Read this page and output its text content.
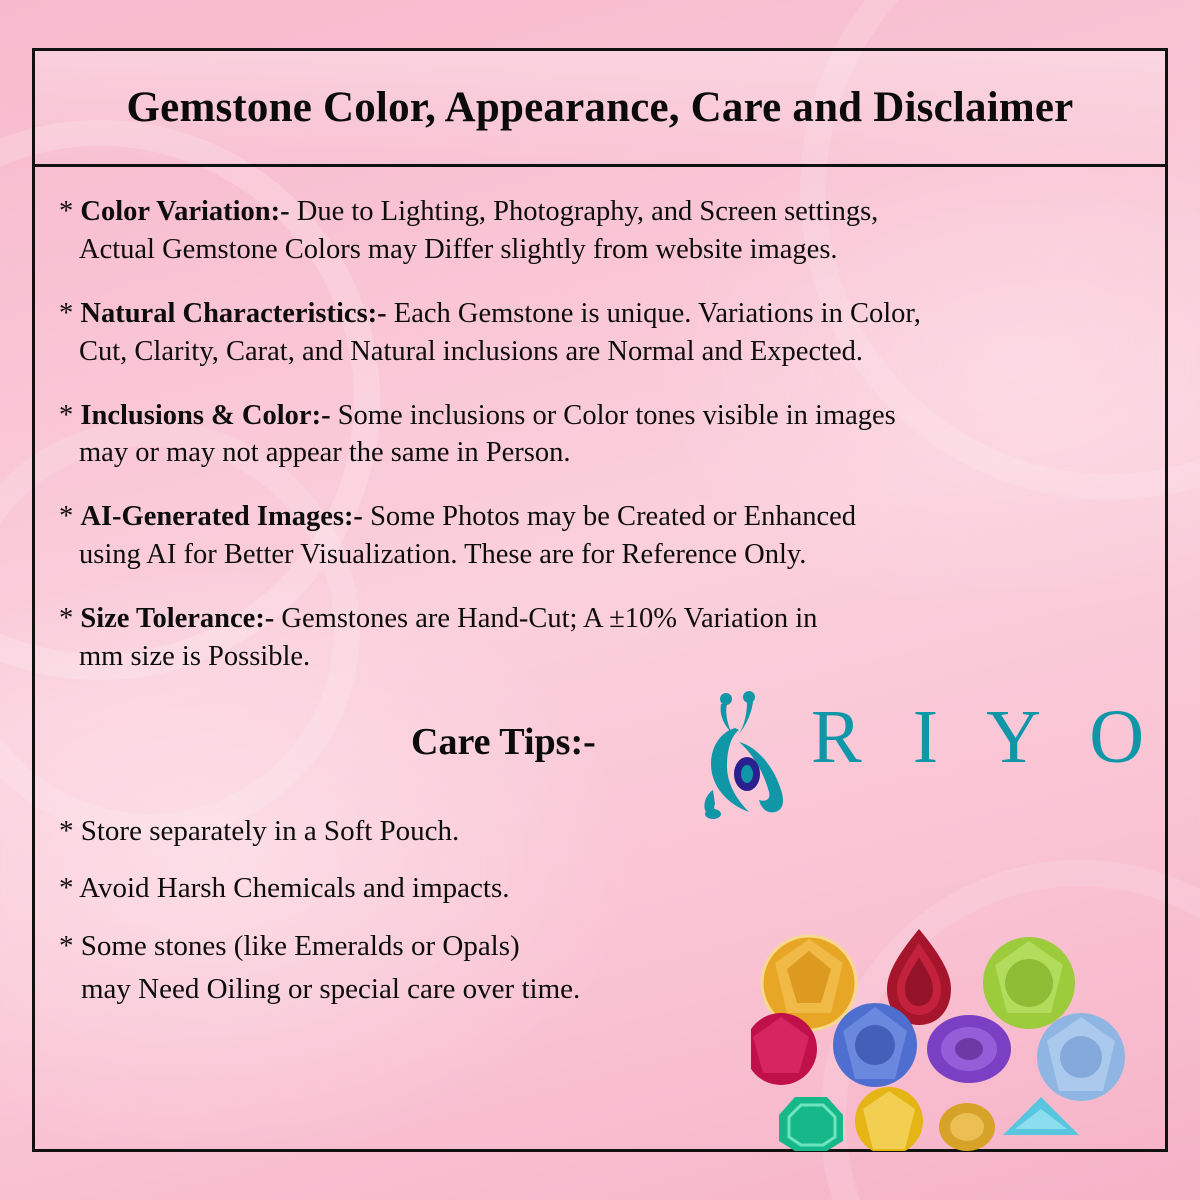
Gemstone Color, Appearance, Care and Disclaimer
* Color Variation:- Due to Lighting, Photography, and Screen settings,
Actual Gemstone Colors may Differ slightly from website images.
* Natural Characteristics:- Each Gemstone is unique. Variations in Color,
Cut, Clarity, Carat, and Natural inclusions are Normal and Expected.
* Inclusions & Color:- Some inclusions or Color tones visible in images
may or may not appear the same in Person.
* AI-Generated Images:- Some Photos may be Created or Enhanced
using AI for Better Visualization. These are for Reference Only.
* Size Tolerance:- Gemstones are Hand-Cut; A ±10% Variation in
mm size is Possible.
Care Tips:-	R I Y O
* Store separately in a Soft Pouch.
* Avoid Harsh Chemicals and impacts.
* Some stones (like Emeralds or Opals)
may Need Oiling or special care over time.
